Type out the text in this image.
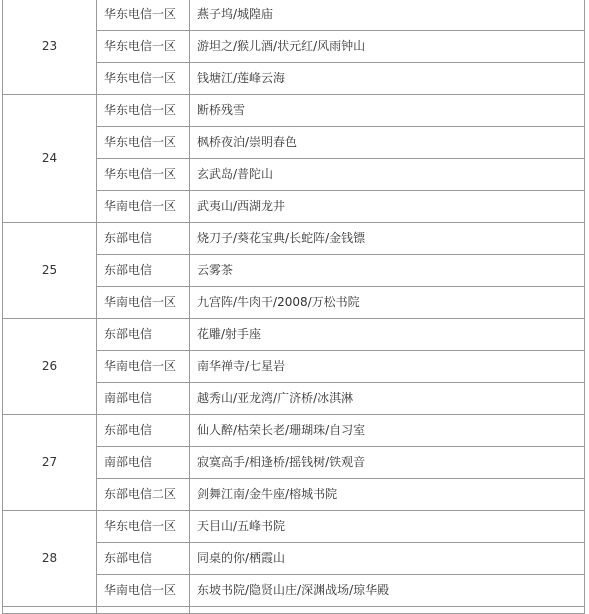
23	华东电信一区	燕子坞/城隍庙
	华东电信一区	游坦之/猴儿酒/状元红/风雨钟山
	华东电信一区	钱塘江/莲峰云海
24	华东电信一区	断桥残雪
	华东电信一区	枫桥夜泊/崇明春色
	华东电信一区	玄武岛/普陀山
	华南电信一区	武夷山/西湖龙井
25	东部电信	烧刀子/葵花宝典/长蛇阵/金钱镖
	东部电信	云雾茶
	华南电信一区	九宫阵/牛肉干/2008/万松书院
26	东部电信	花雕/射手座
	华南电信一区	南华禅寺/七星岩
	南部电信	越秀山/亚龙湾/广济桥/冰淇淋
27	东部电信	仙人醉/枯荣长老/珊瑚珠/自习室
	南部电信	寂寞高手/相逢桥/摇钱树/铁观音
	东部电信二区	剑舞江南/金牛座/榕城书院
28	华东电信一区	天目山/五峰书院
	东部电信	同桌的你/栖霞山
	华南电信一区	东坡书院/隐贤山庄/深渊战场/琼华殿
